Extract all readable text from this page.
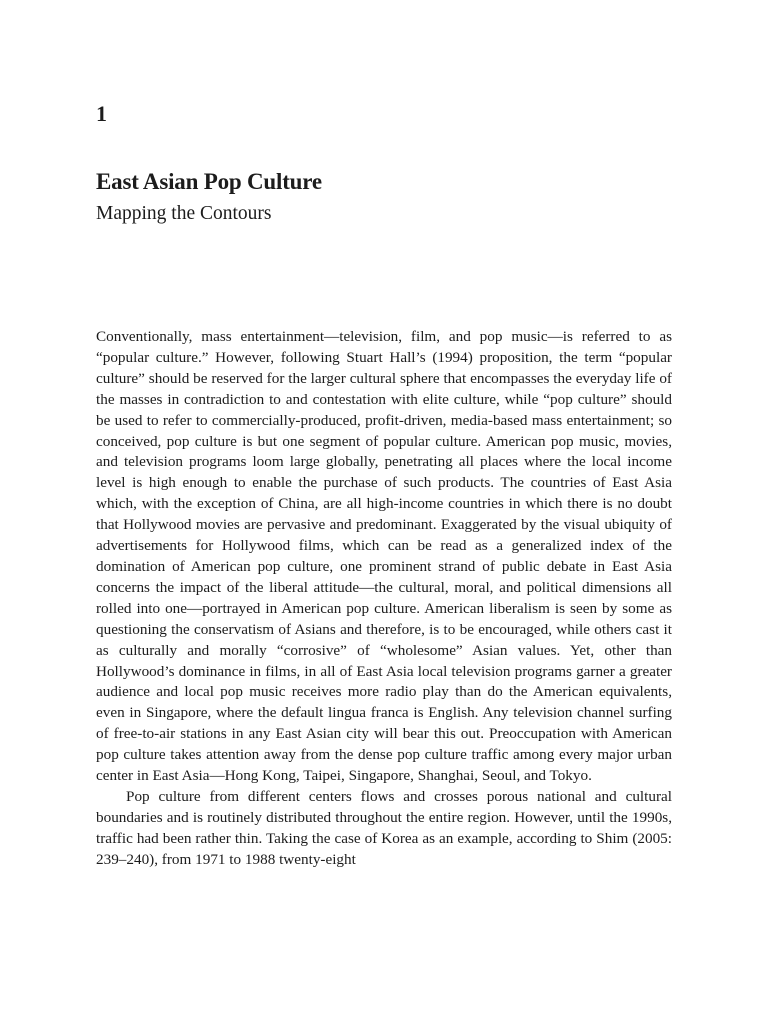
1
East Asian Pop Culture
Mapping the Contours

Conventionally, mass entertainment—television, film, and pop music—is referred to as “popular culture.” However, following Stuart Hall’s (1994) proposition, the term “popular culture” should be reserved for the larger cultural sphere that encompasses the everyday life of the masses in contradiction to and contestation with elite culture, while “pop culture” should be used to refer to commercially-produced, profit-driven, media-based mass entertainment; so conceived, pop culture is but one segment of popular culture. American pop music, movies, and television programs loom large globally, penetrating all places where the local income level is high enough to enable the purchase of such products. The countries of East Asia which, with the exception of China, are all high-income countries in which there is no doubt that Hollywood movies are pervasive and predominant. Exaggerated by the visual ubiquity of advertisements for Hollywood films, which can be read as a generalized index of the domination of American pop culture, one prominent strand of public debate in East Asia concerns the impact of the liberal attitude—the cultural, moral, and political dimensions all rolled into one—portrayed in American pop culture. American liberalism is seen by some as questioning the conservatism of Asians and therefore, is to be encouraged, while others cast it as culturally and morally “corrosive” of “wholesome” Asian values. Yet, other than Hollywood’s dominance in films, in all of East Asia local television programs garner a greater audience and local pop music receives more radio play than do the American equivalents, even in Singapore, where the default lingua franca is English. Any television channel surfing of free-to-air stations in any East Asian city will bear this out. Preoccupation with American pop culture takes attention away from the dense pop culture traffic among every major urban center in East Asia—Hong Kong, Taipei, Singapore, Shanghai, Seoul, and Tokyo.

Pop culture from different centers flows and crosses porous national and cultural boundaries and is routinely distributed throughout the entire region. However, until the 1990s, traffic had been rather thin. Taking the case of Korea as an example, according to Shim (2005: 239–240), from 1971 to 1988 twenty-eight
